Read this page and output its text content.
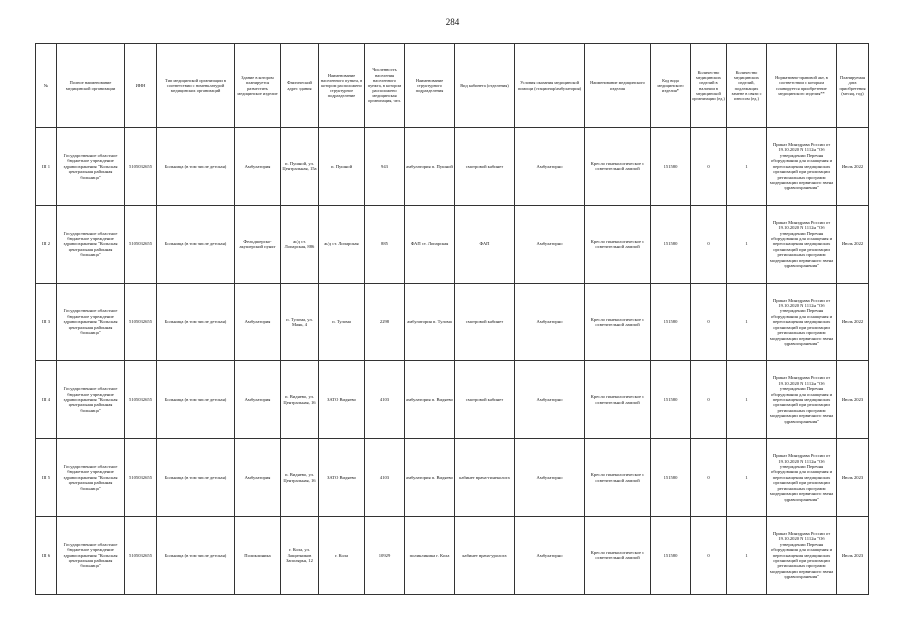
284
№	Полное наименование медицинской организации	ИНН	Тип медицинской организации в соответствии с номенклатурой медицинских организаций	Здание в котором планируется разместить медицинское изделие	Фактический адрес здания	Наименование населенного пункта, в котором расположено структурное подразделение	Численность населения населенного пункта, в котором расположено медицинская организация, чел.	Наименование структурного подразделения	Вид кабинета (отделения)	Условия оказания медицинской помощи (стационар/амбулатория)	Наименование медицинского изделия	Код вида медицинского изделия*	Количество медицинских изделий в наличии в медицинской организации (ед.)	Количество медицинских изделий, подлежащих замене в связи с износом (ед.)	Нормативно-правовой акт, в соответствии с которым планируется приобретение медицинского изделия**	Планируемая дата приобретения (месяц, год)
III 1	Государственное областное бюджетное учреждение здравоохранения "Кольская центральная районная больница"	5105032655	Больница (в том числе детская)	Амбулатория	п. Пушной, ул. Центральная, 15а	п. Пушной	943	амбулатория п. Пушной	смотровой кабинет	Амбулаторно	Кресло гинекологическое с осветительной лампой	151580	0	1	Приказ Минздрава России от 19.10.2020 N 1112н "Об утверждении Перечня оборудования для оснащения и переоснащения медицинских организаций при реализации региональных программ модернизации первичного звена здравоохранения"	Июль 2022
III 2	Государственное областное бюджетное учреждение здравоохранения "Кольская центральная районная больница"	5105032655	Больница (в том числе детская)	Фельдшерско-акушерский пункт	ж/д ст. Лопарская, 886	ж/д ст. Лопарская	885	ФАП ст. Лопарская	ФАП	Амбулаторно	Кресло гинекологическое с осветительной лампой	151580	0	1	Приказ Минздрава России от 19.10.2020 N 1112н "Об утверждении Перечня оборудования для оснащения и переоснащения медицинских организаций при реализации региональных программ модернизации первичного звена здравоохранения"	Июль 2022
III 3	Государственное областное бюджетное учреждение здравоохранения "Кольская центральная районная больница"	5105032655	Больница (в том числе детская)	Амбулатория	п. Тулома, ул. Маяк, 4	п. Тулома	2298	амбулатория п. Тулома	смотровой кабинет	Амбулаторно	Кресло гинекологическое с осветительной лампой	151580	0	1	Приказ Минздрава России от 19.10.2020 N 1112н "Об утверждении Перечня оборудования для оснащения и переоснащения медицинских организаций при реализации региональных программ модернизации первичного звена здравоохранения"	Июль 2022
III 4	Государственное областное бюджетное учреждение здравоохранения "Кольская центральная районная больница"	5105032655	Больница (в том числе детская)	Амбулатория	п. Видяево, ул. Центральная, 16	ЗАТО Видяево	4103	амбулатория п. Видяево	смотровой кабинет	Амбулаторно	Кресло гинекологическое с осветительной лампой	151580	0	1	Приказ Минздрава России от 19.10.2020 N 1112н "Об утверждении Перечня оборудования для оснащения и переоснащения медицинских организаций при реализации региональных программ модернизации первичного звена здравоохранения"	Июль 2023
III 5	Государственное областное бюджетное учреждение здравоохранения "Кольская центральная районная больница"	5105032655	Больница (в том числе детская)	Амбулатория	п. Видяево, ул. Центральная, 16	ЗАТО Видяево	4103	амбулатория п. Видяево	кабинет врача-гинеколога	Амбулаторно	Кресло гинекологическое с осветительной лампой	151580	0	1	Приказ Минздрава России от 19.10.2020 N 1112н "Об утверждении Перечня оборудования для оснащения и переоснащения медицинских организаций при реализации региональных программ модернизации первичного звена здравоохранения"	Июль 2023
III 6	Государственное областное бюджетное учреждение здравоохранения "Кольская центральная районная больница"	5105032655	Больница (в том числе детская)	Поликлиника	г. Кола, ул. Защитников Заполярья, 12	г. Кола	10929	поликлиника г. Кола	кабинет врача-уролога	Амбулаторно	Кресло гинекологическое с осветительной лампой	151580	0	1	Приказ Минздрава России от 19.10.2020 N 1112н "Об утверждении Перечня оборудования для оснащения и переоснащения медицинских организаций при реализации региональных программ модернизации первичного звена здравоохранения"	Июль 2023
